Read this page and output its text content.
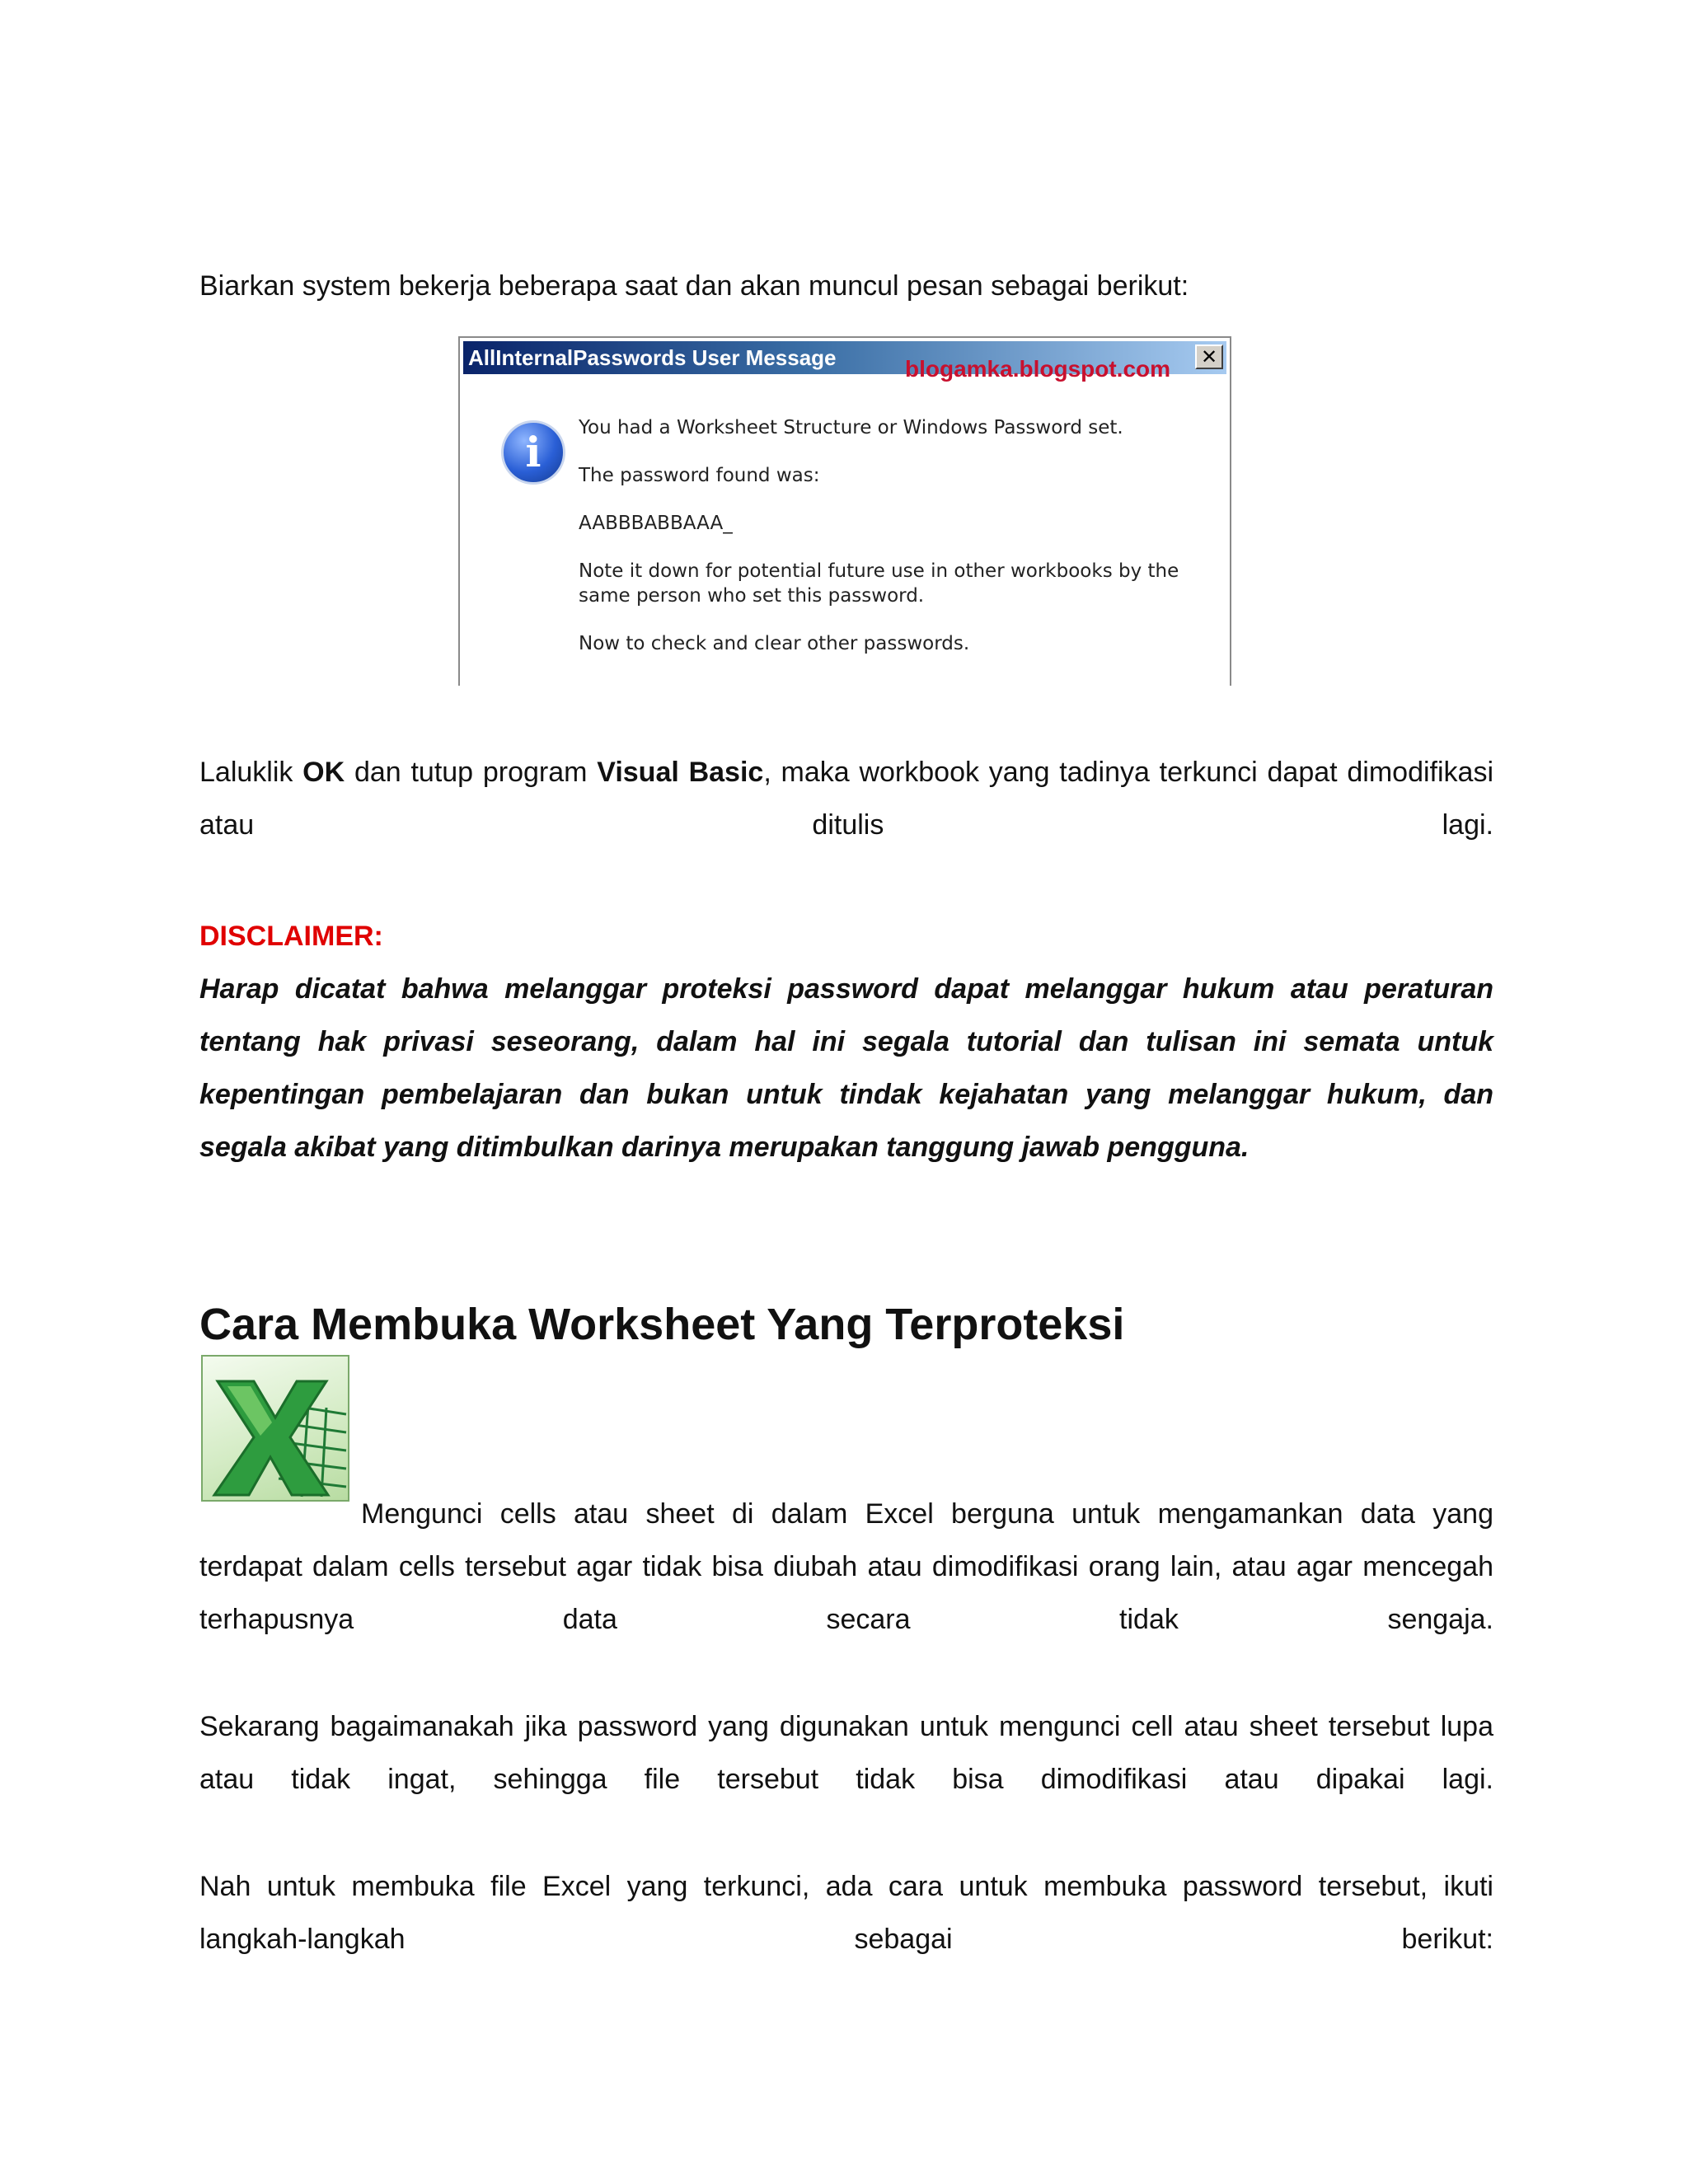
Biarkan system bekerja beberapa saat dan akan muncul pesan sebagai berikut:

AllInternalPasswords User Message	blogamka.blogspot.com ✕
i	You had a Worksheet Structure or Windows Password set.
The password found was:
AABBBABBAAA_
Note it down for potential future use in other workbooks by the
same person who set this password.
Now to check and clear other passwords.

Laluklik OK dan tutup program Visual Basic, maka workbook yang tadinya terkunci dapat dimodifikasi atau ditulis lagi.

DISCLAIMER:

Harap dicatat bahwa melanggar proteksi password dapat melanggar hukum atau peraturan tentang hak privasi seseorang, dalam hal ini segala tutorial dan tulisan ini semata untuk kepentingan pembelajaran dan bukan untuk tindak kejahatan yang melanggar hukum, dan segala akibat yang ditimbulkan darinya merupakan tanggung jawab pengguna.

Cara Membuka Worksheet Yang Terproteksi

Mengunci cells atau sheet di dalam Excel berguna untuk mengamankan data yang terdapat dalam cells tersebut agar tidak bisa diubah atau dimodifikasi orang lain, atau agar mencegah terhapusnya data secara tidak sengaja.

Sekarang bagaimanakah jika password yang digunakan untuk mengunci cell atau sheet tersebut lupa atau tidak ingat, sehingga file tersebut tidak bisa dimodifikasi atau dipakai lagi.

Nah untuk membuka file Excel yang terkunci, ada cara untuk membuka password tersebut, ikuti langkah-langkah sebagai berikut:
